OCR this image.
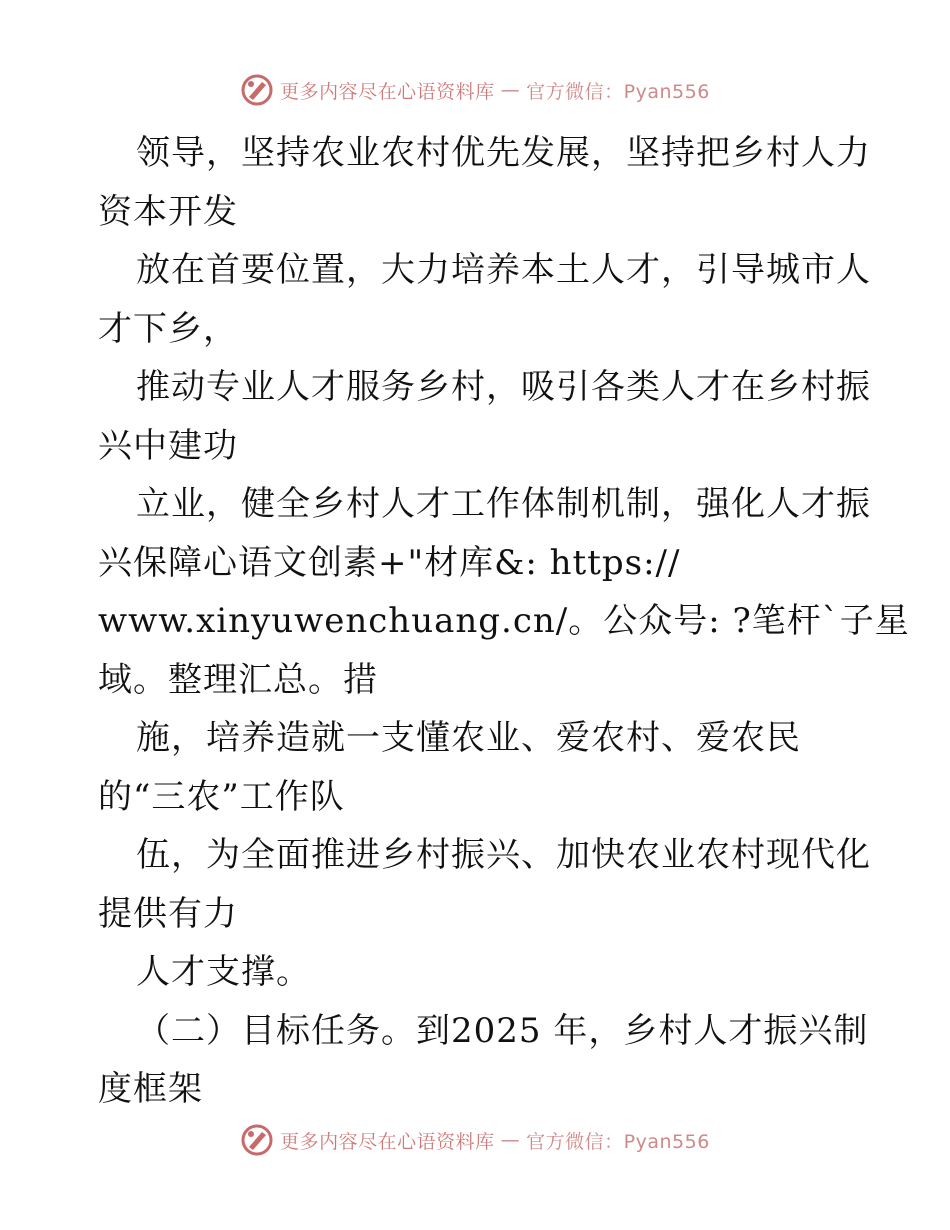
更多内容尽在心语资料库 — 官方微信：Pyan556
领导，坚持农业农村优先发展，坚持把乡村人力
资本开发
放在首要位置，大力培养本土人才，引导城市人
才下乡，
推动专业人才服务乡村，吸引各类人才在乡村振
兴中建功
立业，健全乡村人才工作体制机制，强化人才振
兴保障心语文创素+"材库&: https://
www.xinyuwenchuang.cn/。公众号: ?笔杆`子星
域。整理汇总。措
施，培养造就一支懂农业、爱农村、爱农民
的“三农”工作队
伍，为全面推进乡村振兴、加快农业农村现代化
提供有力
人才支撑。
（二）目标任务。到2025 年，乡村人才振兴制
度框架
更多内容尽在心语资料库 — 官方微信：Pyan556
